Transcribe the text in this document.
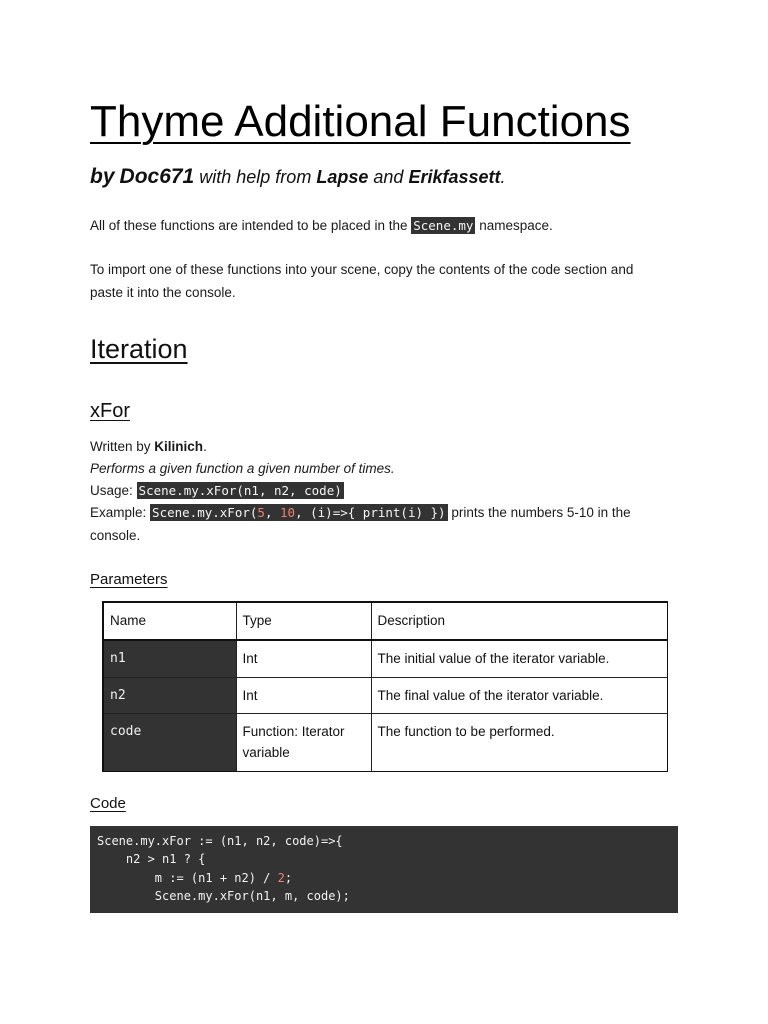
Thyme Additional Functions
by Doc671 with help from Lapse and Erikfassett.
All of these functions are intended to be placed in the Scene.my namespace.
To import one of these functions into your scene, copy the contents of the code section and paste it into the console.
Iteration
xFor
Written by Kilinich.
Performs a given function a given number of times.
Usage: Scene.my.xFor(n1, n2, code)
Example: Scene.my.xFor(5, 10, (i)=>{ print(i) }) prints the numbers 5-10 in the console.
Parameters
Name	Type	Description
n1	Int	The initial value of the iterator variable.
n2	Int	The final value of the iterator variable.
code	Function: Iterator variable	The function to be performed.
Code
Scene.my.xFor := (n1, n2, code)=>{
n2 > n1 ? {
m := (n1 + n2) / 2;
Scene.my.xFor(n1, m, code);
